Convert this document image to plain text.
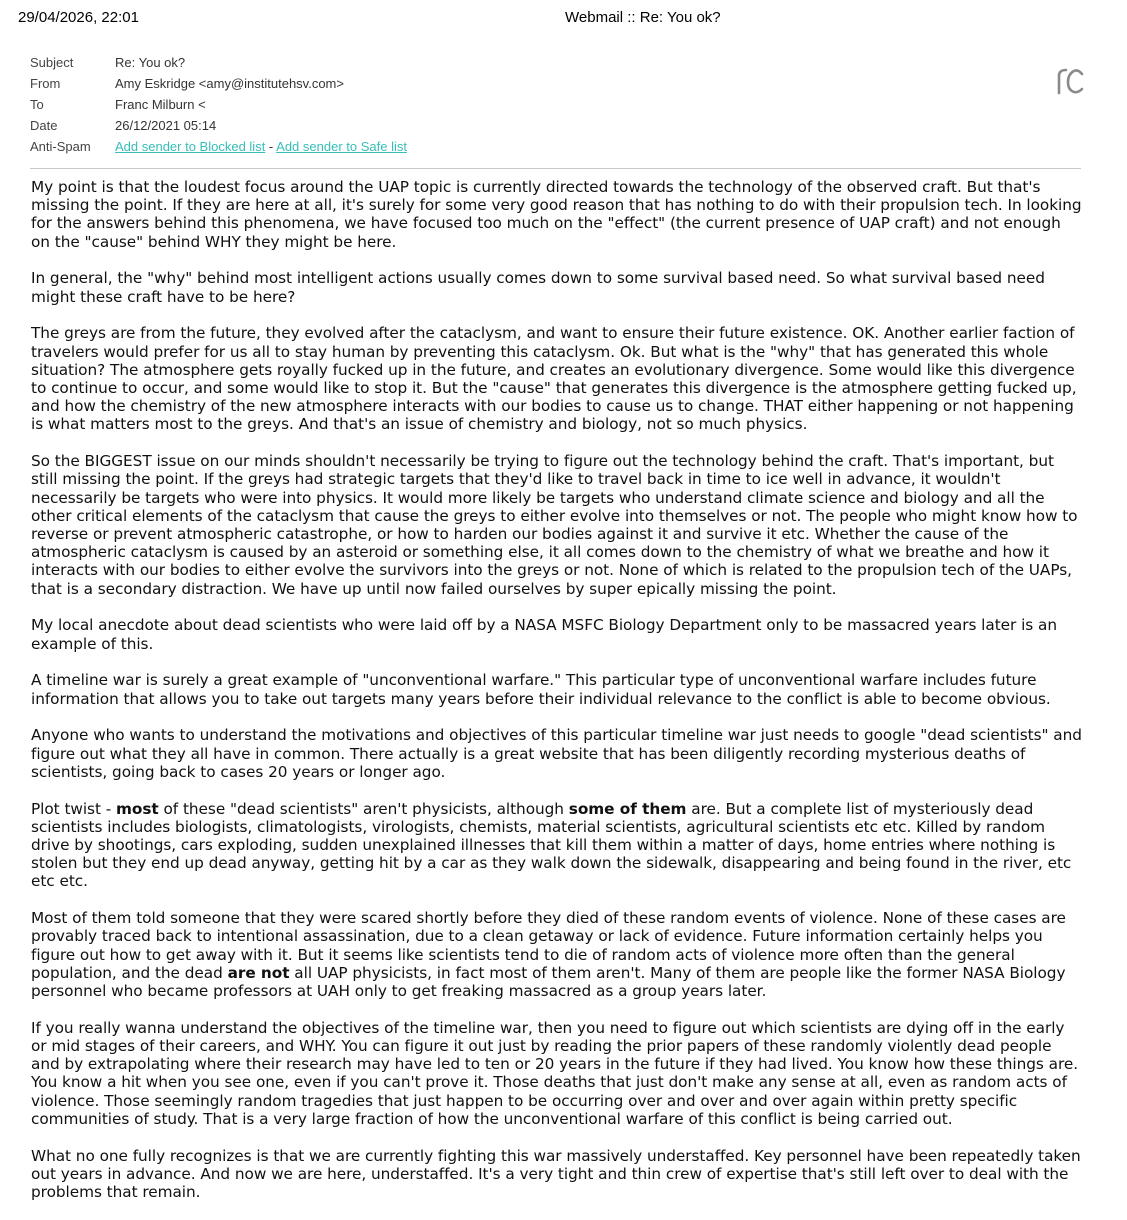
29/04/2026, 22:01	Webmail :: Re: You ok?
Subject	Re: You ok?
From	Amy Eskridge <amy@institutehsv.com>
To	Franc Milburn <
Date	26/12/2021 05:14
Anti-Spam	Add sender to Blocked list - Add sender to Safe list

My point is that the loudest focus around the UAP topic is currently directed towards the technology of the observed craft. But that's missing the point. If they are here at all, it's surely for some very good reason that has nothing to do with their propulsion tech. In looking for the answers behind this phenomena, we have focused too much on the "effect" (the current presence of UAP craft) and not enough on the "cause" behind WHY they might be here.

In general, the "why" behind most intelligent actions usually comes down to some survival based need. So what survival based need might these craft have to be here?

The greys are from the future, they evolved after the cataclysm, and want to ensure their future existence. OK. Another earlier faction of travelers would prefer for us all to stay human by preventing this cataclysm. Ok. But what is the "why" that has generated this whole situation? The atmosphere gets royally fucked up in the future, and creates an evolutionary divergence. Some would like this divergence to continue to occur, and some would like to stop it. But the "cause" that generates this divergence is the atmosphere getting fucked up, and how the chemistry of the new atmosphere interacts with our bodies to cause us to change. THAT either happening or not happening is what matters most to the greys. And that's an issue of chemistry and biology, not so much physics.

So the BIGGEST issue on our minds shouldn't necessarily be trying to figure out the technology behind the craft. That's important, but still missing the point. If the greys had strategic targets that they'd like to travel back in time to ice well in advance, it wouldn't necessarily be targets who were into physics. It would more likely be targets who understand climate science and biology and all the other critical elements of the cataclysm that cause the greys to either evolve into themselves or not. The people who might know how to reverse or prevent atmospheric catastrophe, or how to harden our bodies against it and survive it etc. Whether the cause of the atmospheric cataclysm is caused by an asteroid or something else, it all comes down to the chemistry of what we breathe and how it interacts with our bodies to either evolve the survivors into the greys or not. None of which is related to the propulsion tech of the UAPs, that is a secondary distraction. We have up until now failed ourselves by super epically missing the point.

My local anecdote about dead scientists who were laid off by a NASA MSFC Biology Department only to be massacred years later is an example of this.

A timeline war is surely a great example of "unconventional warfare." This particular type of unconventional warfare includes future information that allows you to take out targets many years before their individual relevance to the conflict is able to become obvious.

Anyone who wants to understand the motivations and objectives of this particular timeline war just needs to google "dead scientists" and figure out what they all have in common. There actually is a great website that has been diligently recording mysterious deaths of scientists, going back to cases 20 years or longer ago.

Plot twist - most of these "dead scientists" aren't physicists, although some of them are. But a complete list of mysteriously dead scientists includes biologists, climatologists, virologists, chemists, material scientists, agricultural scientists etc etc. Killed by random drive by shootings, cars exploding, sudden unexplained illnesses that kill them within a matter of days, home entries where nothing is stolen but they end up dead anyway, getting hit by a car as they walk down the sidewalk, disappearing and being found in the river, etc etc etc.

Most of them told someone that they were scared shortly before they died of these random events of violence. None of these cases are provably traced back to intentional assassination, due to a clean getaway or lack of evidence. Future information certainly helps you figure out how to get away with it. But it seems like scientists tend to die of random acts of violence more often than the general population, and the dead are not all UAP physicists, in fact most of them aren't. Many of them are people like the former NASA Biology personnel who became professors at UAH only to get freaking massacred as a group years later.

If you really wanna understand the objectives of the timeline war, then you need to figure out which scientists are dying off in the early or mid stages of their careers, and WHY. You can figure it out just by reading the prior papers of these randomly violently dead people and by extrapolating where their research may have led to ten or 20 years in the future if they had lived. You know how these things are. You know a hit when you see one, even if you can't prove it. Those deaths that just don't make any sense at all, even as random acts of violence. Those seemingly random tragedies that just happen to be occurring over and over and over again within pretty specific communities of study. That is a very large fraction of how the unconventional warfare of this conflict is being carried out.

What no one fully recognizes is that we are currently fighting this war massively understaffed. Key personnel have been repeatedly taken out years in advance. And now we are here, understaffed. It's a very tight and thin crew of expertise that's still left over to deal with the problems that remain.
